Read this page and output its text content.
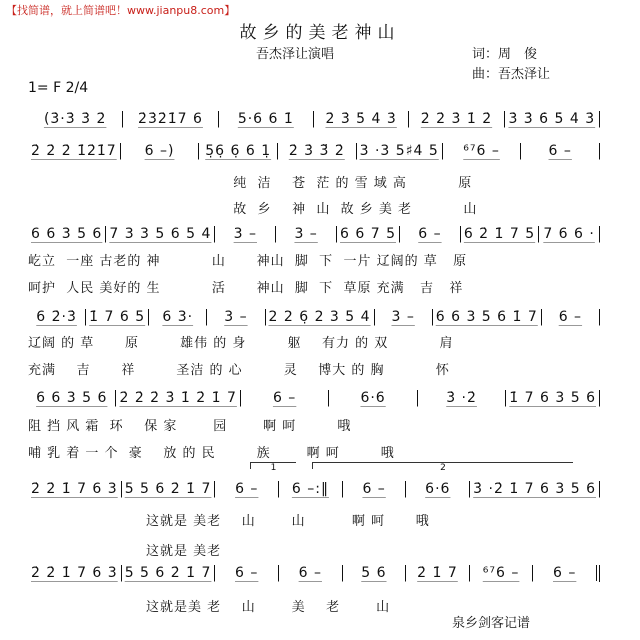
【找简谱，就上简谱吧！www.jianpu8.com】
故乡的美老神山
吾杰泽让演唱	词：周　俊
曲：吾杰泽让
1= F 2/4
(3̇·3̇ 3̇ 2̇ 2̇3̇2̇1̇7 6 5·6 6 1̇ 2̇ 3̇ 5̇ 4̇ 3̇ 2̇ 2̇ 3̇ 1̇ 2̇ 3̇ 3̇ 6̇ 5̇ 4̇ 3̇
2̇ 2̇ 2̇ 1̇2̇1̇7 6 –) 5̣6̣ 6̣ 6 1̣ 2̇ 3̇ 3̈ 2̇ 3 ·3 5♯4 5 ⁶⁷6 –	6 –
6 6 3 5 6 7 3 3 5 6 5 4 3 –	3 – 6 6 7 5 6 – 6 2̇ 1̇ 7 5 7 6 6 ·
6 2̇·3̇ 1̇ 7 6 5 6 3· 3 – 2 2 6̣ 2 3 5 4 3 – 6 6 3 5 6 1̇ 7 6 –
6 6 3 5 6 2̇ 2̇ 2̇ 3̇ 1̇ 2̇ 1̇ 7	6 –	6·6	3̇ ·2̇ 1̇ 7 6 3 5 6
2̇ 2̇ 1̇ 7 6 3 5 5 6 2̇ 1̇ 7 6 – 6 –:‖ 6 –	6·6 3̇ ·2̇ 1̇ 7 6 3 5 6
2̇ 2̇ 1̇ 7 6 3 5 5 6 2̇ 1̇ 7 6 –	6 –	5 6 2̇ 1̇ 7 ⁶⁷6 – 6 –
1	2
纯  洁    苍  茫 的 雪 域 高          原
故  乡    神  山  故 乡 美 老          山
屹立  一座 古老的 神          山      神山  脚  下  一片 辽阔的 草   原
呵护  人民 美好的 生          活      神山  脚  下  草原 充满   吉   祥
辽阔 的 草      原        雄伟 的 身        躯    有力 的 双          肩
充满    吉      祥        圣洁 的 心        灵    博大 的 胸          怀
阻 挡 风 霜  环    保 家       园       啊 呵        哦
哺 乳 着 一 个  豪    放 的 民        族       啊 呵        哦
这就是 美老    山       山         啊 呵      哦
这就是 美老
这就是美 老    山       美    老       山
泉乡剑客记谱
